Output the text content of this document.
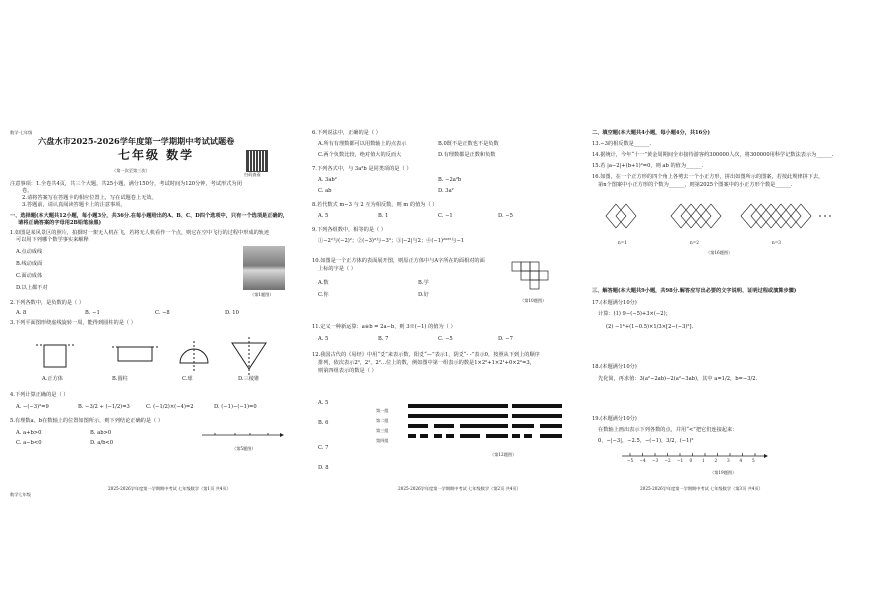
数学·七年级
六盘水市2025-2026学年度第一学期期中考试试题卷
七年级 数学
（第一次至第三次）
扫码查看
注意事项：1.全卷共4页，共三个大题，共25小题，满分150分，考试时间为120分钟，考试形式为闭
卷。
2.请将答案写在答题卡的相应位置上，写在试题卷上无效。
3.答题前，请认真阅读答题卡上的注意事项。
一、选择题(本大题共12小题，每小题3分，共36分.在每小题给出的A、B、C、D四个选项中，只有一个选项是正确的，
请将正确答案的字母用2B铅笔涂黑)
1.如图是某风景区的照片，拍摄时一架无人机在飞，若将无人机看作一个点，则它在空中飞行的过程中形成的轨迹
可以用下列哪个数学事实来解释
A.点动成线
B.线动成面
C.面动成体
D.以上都不对
（第1题图）
2.下列各数中，是负数的是（ ）
A. 8	B. −1	C. −8	D. 10
3.下列平面图形绕虚线旋转一周，能得到圆柱的是（ ）
A.正方体	B.圆柱	C.球	D.三棱锥
4.下列计算正确的是（ ）
A. −(−3)²=9	B. −3/2 ÷ (−1/2)=3	C. (−1/2)×(−4)=2	D. (−1)−(−1)=0
5.有理数a、b在数轴上的位置如图所示，则下列结论正确的是（ ）
A. a+b>0	B. ab>0
C. a−b<0	D. a/b<0
（第5题图）
2025-2026学年度第一学期期中考试 七年级数学（第1页 共4页）
数学七年级
6.下列说法中，正确的是（ ）
A.所有有理数都可以用数轴上的点表示	B.0既不是正数也不是负数
C.两个负数比较，绝对值大的反而大	D.有理数都是正数和负数
7.下列各式中，与 3a²b 是同类项的是（ ）
A. 3ab²	B. −2a²b
C. ab	D. 3a²
8.若代数式 m−3 与 2 互为相反数，则 m 的值为（ ）
A. 5	B. 1	C. −1	D. −5
9.下列各组数中，相等的是（ ）
①−2²与(−2)²；②(−3)³与−3³；③|−2|与2；④(−1)²⁰²⁵与−1
10.如图是一个正方体的表面展开图，则原正方体中与A字所在的面相对的面
上标的字是（ ）
A.数	B.学
C.你	D.好
（第10题图）
11.定义一种新运算：a※b = 2a−b，则 3※(−1) 的值为（ ）
A. 5	B. 7	C. −5	D. −7
12.我国古代的《易经》中用“爻”来表示数，阳爻“—”表示1，阴爻“- -”表示0，按照从下到上的顺序
排列，依次表示2⁰，2¹，2²…位上的数，例如图中第一组表示的数是1×2⁰+1×2¹+0×2²=3，
则第四组表示的数是（ ）
A. 5
B. 6
C. 7
D. 8
第一组
第二组
第三组
第四组
（第12题图）
2025-2026学年度第一学期期中考试 七年级数学（第2页 共4页）
二、填空题(本大题共4小题，每小题4分，共16分)
13.−3的相反数是______.
14.据统计，今年“十一”黄金周期间全市接待游客约300000人次，将300000用科学记数法表示为______.
15.若 |a−2|+(b+1)²=0，则 ab 的值为______.
16.如图，在一个正方形的四个角上各剪去一个小正方形，拼出如图所示的图案，若按此规律拼下去，
第n个图案中小正方形的个数为______，则第2025个图案中的小正方形个数是______.
n=1	n=2	n=3
（第16题图）
三、解答题(本大题共9小题，共98分.解答应写出必要的文字说明、证明过程或演算步骤)
17.(本题满分10分)
计算：(1) 9−(−5)+3×(−2)；
(2) −1⁴+(1−0.5)×1/3×[2−(−3)²].
18.(本题满分10分)
先化简，再求值：3(a²−2ab)−2(a²−3ab)，其中 a=1/2，b=−3/2.
19.(本题满分10分)
在数轴上画出表示下列各数的点，并用“<”把它们连接起来：
0，−|−3|，−2.5，−(−1)，3/2，(−1)²
−5 −4 −3 −2 −1 0 1 2 3 4 5
（第19题图）
2025-2026学年度第一学期期中考试 七年级数学（第3页 共4页）
